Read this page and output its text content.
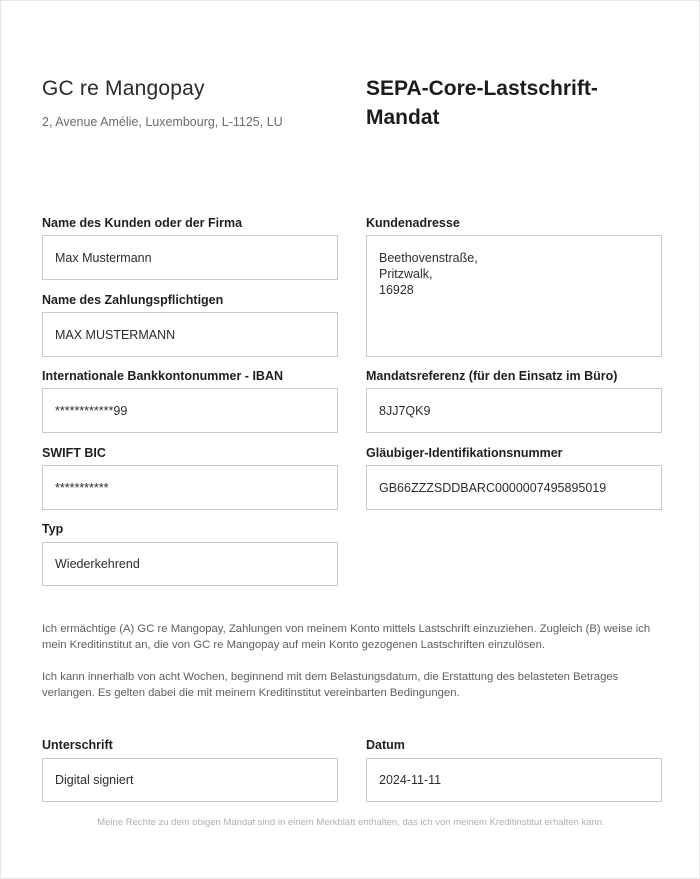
GC re Mangopay
2, Avenue Amélie, Luxembourg, L-1125, LU
SEPA-Core-Lastschrift-
Mandat
Name des Kunden oder der Firma
Max Mustermann
Kundenadresse
Beethovenstraße,
Pritzwalk,
16928
Name des Zahlungspflichtigen
MAX MUSTERMANN
Internationale Bankkontonummer - IBAN
************99
Mandatsreferenz (für den Einsatz im Büro)
8JJ7QK9
SWIFT BIC
***********
Gläubiger-Identifikationsnummer
GB66ZZZSDDBARC0000007495895019
Typ
Wiederkehrend
Ich ermächtige (A) GC re Mangopay, Zahlungen von meinem Konto mittels Lastschrift einzuziehen. Zugleich (B) weise ich mein Kreditinstitut an, die von GC re Mangopay auf mein Konto gezogenen Lastschriften einzulösen.
Ich kann innerhalb von acht Wochen, beginnend mit dem Belastungsdatum, die Erstattung des belasteten Betrages verlangen. Es gelten dabei die mit meinem Kreditinstitut vereinbarten Bedingungen.
Unterschrift
Digital signiert
Datum
2024-11-11
Meine Rechte zu dem obigen Mandat sind in einem Merkblatt enthalten, das ich von meinem Kreditinstitut erhalten kann.
